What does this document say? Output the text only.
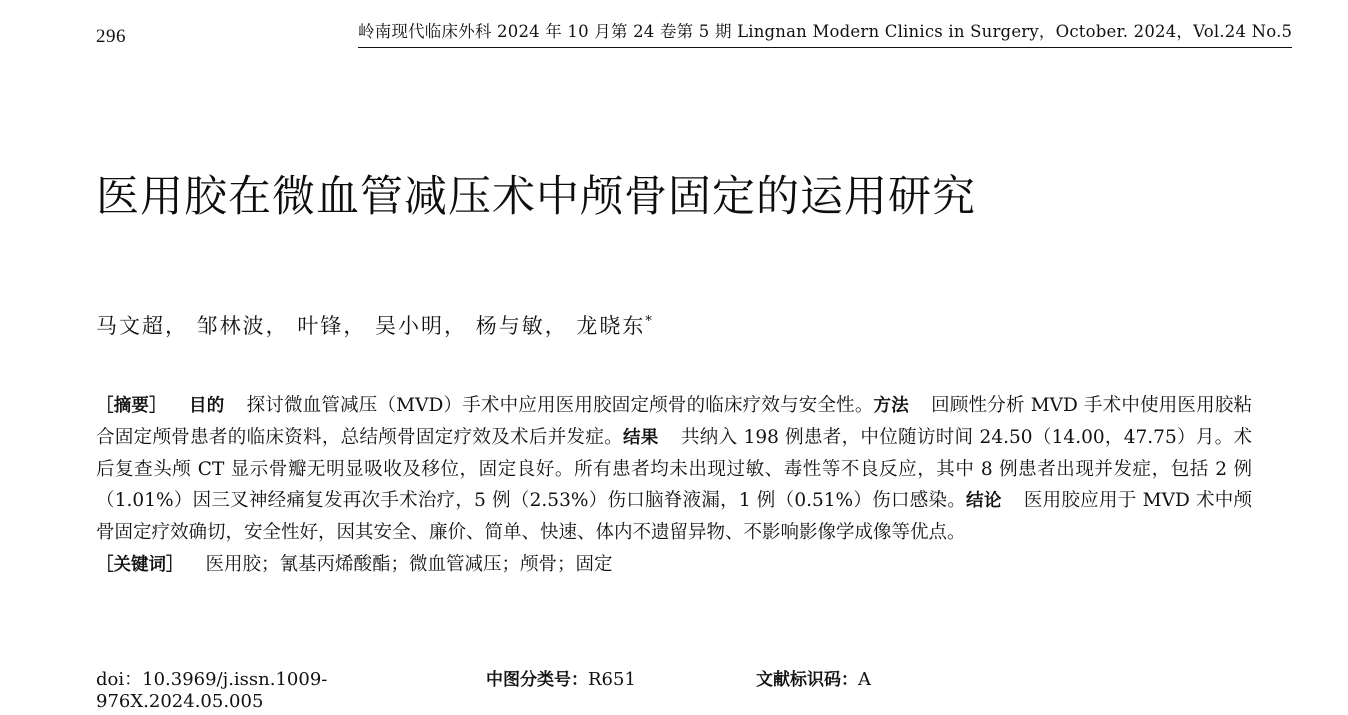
296	岭南现代临床外科 2024 年 10 月第 24 卷第 5 期 Lingnan Modern Clinics in Surgery，October. 2024，Vol.24 No.5
医用胶在微血管减压术中颅骨固定的运用研究
马文超， 邹林波， 叶锋， 吴小明， 杨与敏， 龙晓东*

［摘要］ 目的 探讨微血管减压（MVD）手术中应用医用胶固定颅骨的临床疗效与安全性。方法 回顾性分析 MVD 手术中使用医用胶粘合固定颅骨患者的临床资料，总结颅骨固定疗效及术后并发症。结果 共纳入 198 例患者，中位随访时间 24.50（14.00，47.75）月。术后复查头颅 CT 显示骨瓣无明显吸收及移位，固定良好。所有患者均未出现过敏、毒性等不良反应，其中 8 例患者出现并发症，包括 2 例（1.01%）因三叉神经痛复发再次手术治疗，5 例（2.53%）伤口脑脊液漏，1 例（0.51%）伤口感染。结论 医用胶应用于 MVD 术中颅骨固定疗效确切，安全性好，因其安全、廉价、简单、快速、体内不遗留异物、不影响影像学成像等优点。

［关键词］ 医用胶；氰基丙烯酸酯；微血管减压；颅骨；固定

doi：10.3969/j.issn.1009-976X.2024.05.005
中图分类号：R651	文献标识码：A
